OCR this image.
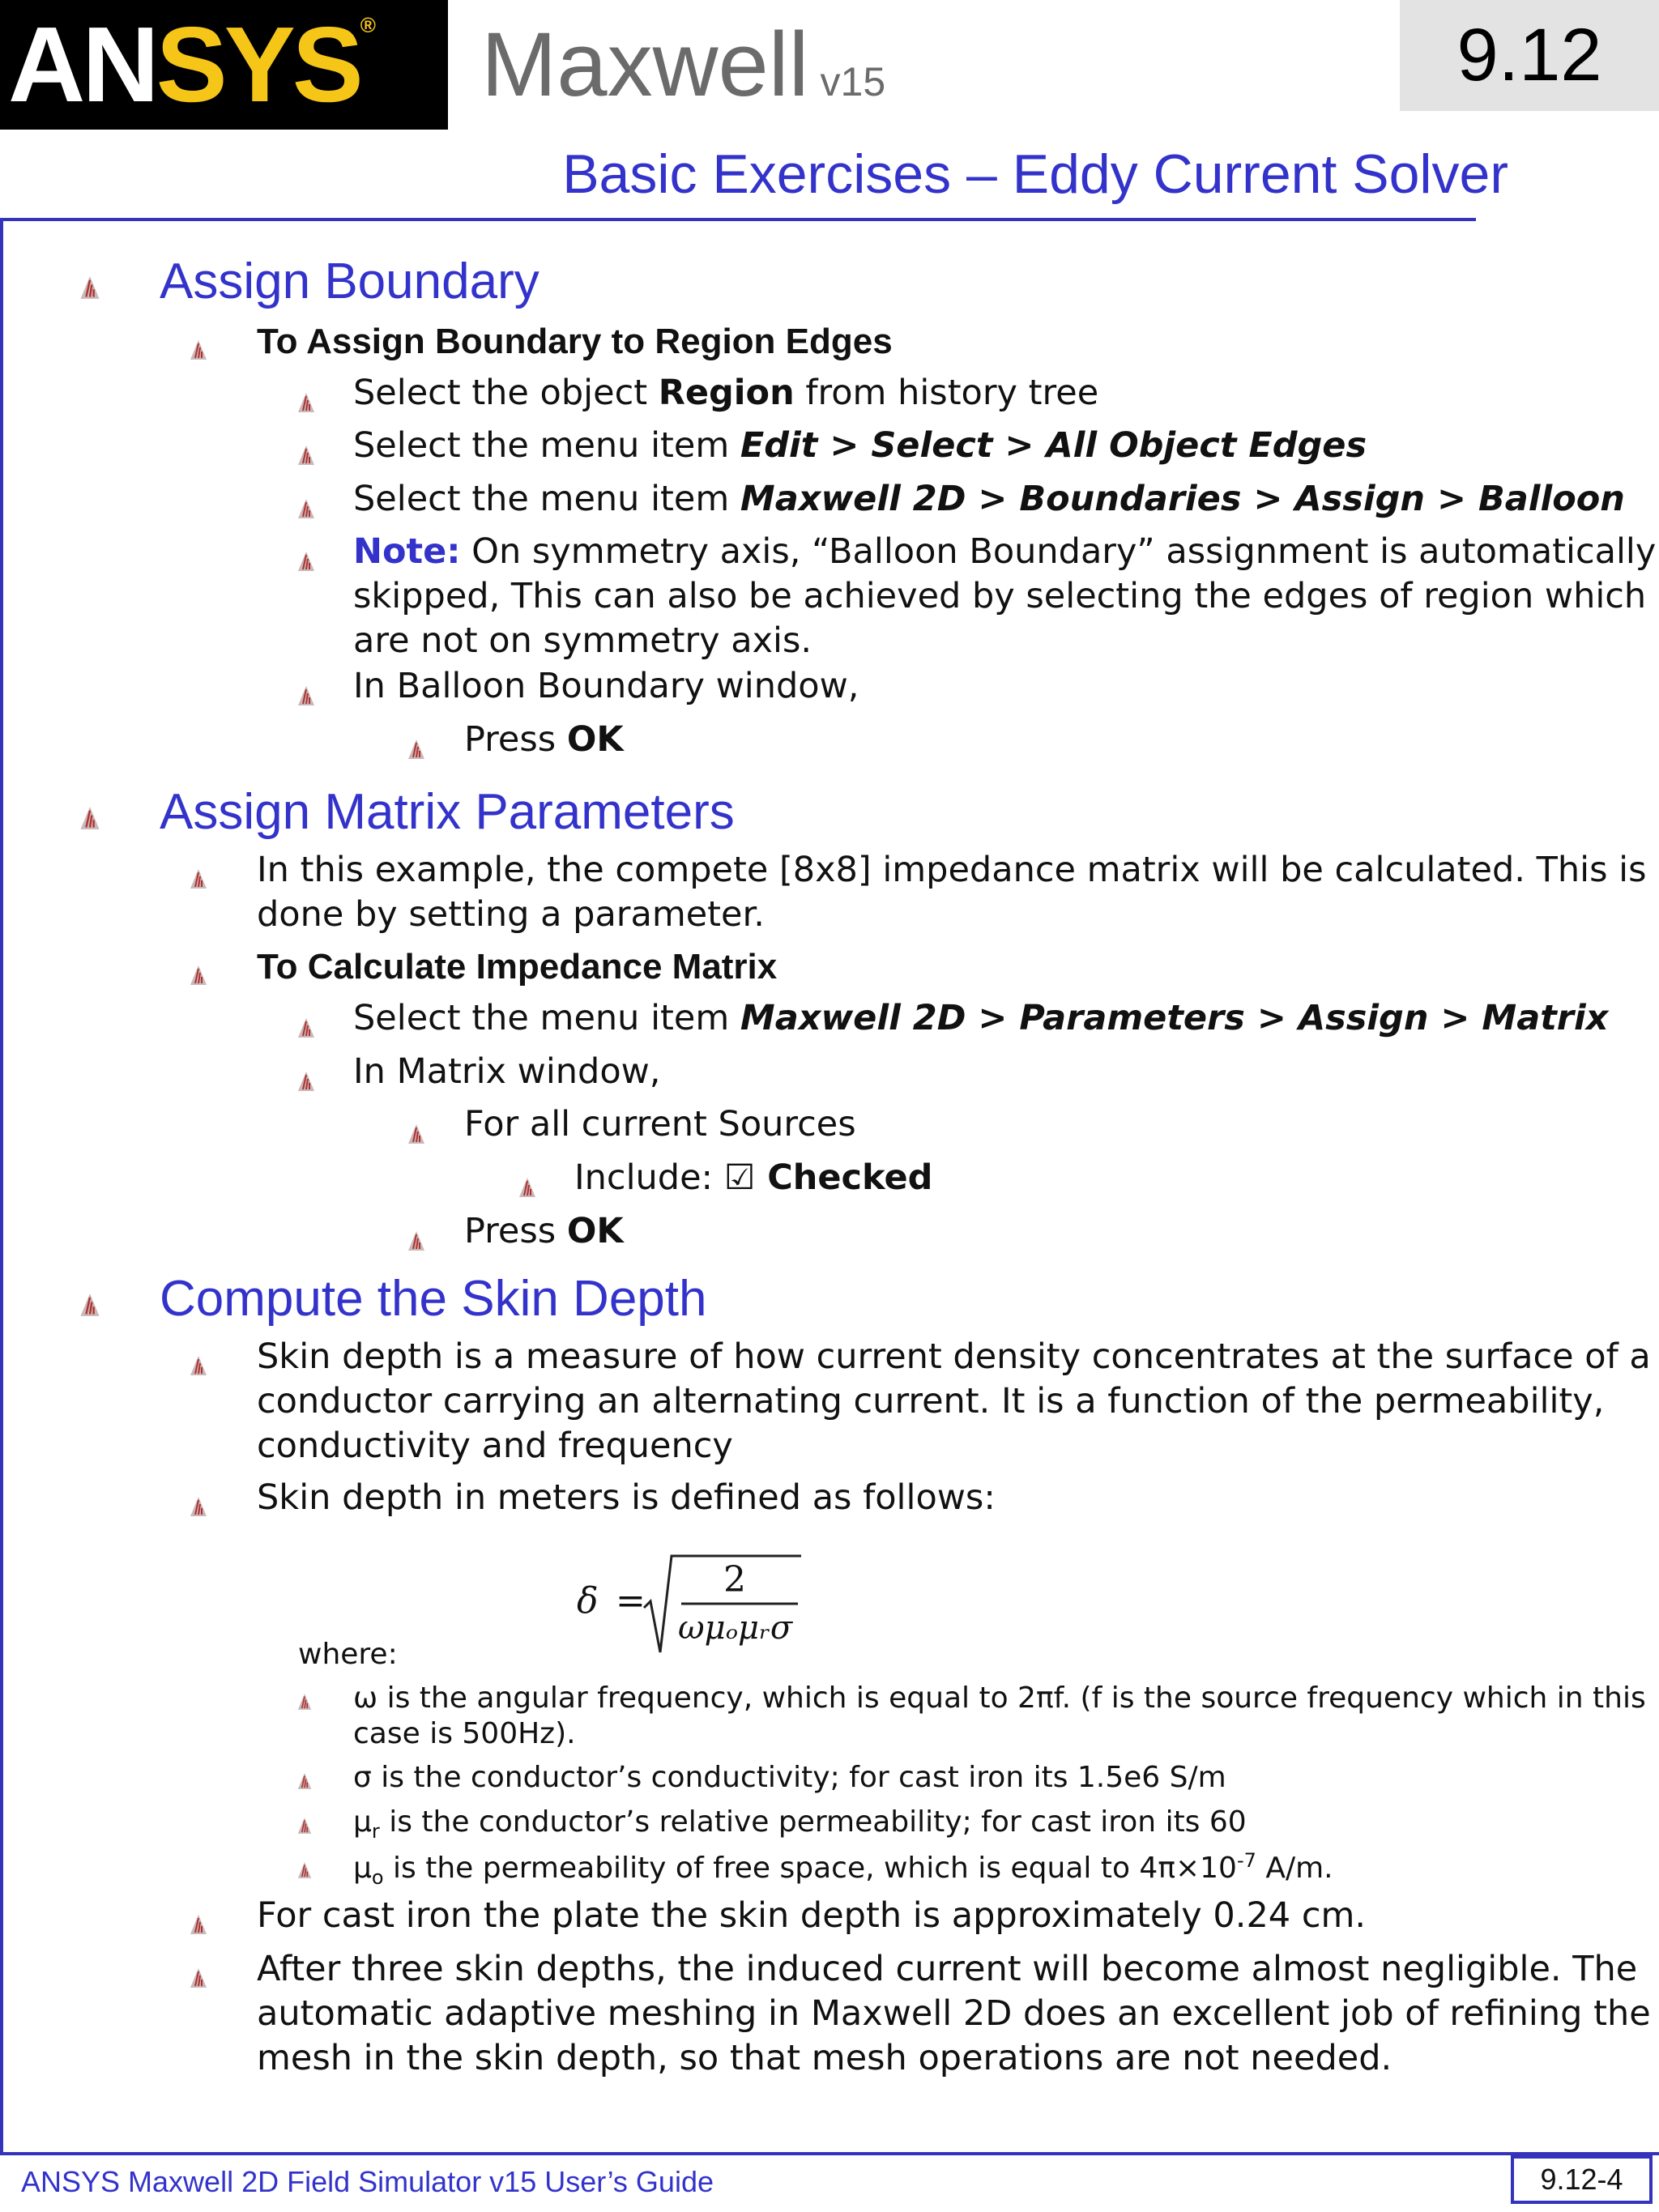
AN SYS ® Maxwell v15	9.12
Basic Exercises – Eddy Current Solver
Assign Boundary
To Assign Boundary to Region Edges
Select the object Region from history tree
Select the menu item Edit > Select > All Object Edges
Select the menu item Maxwell 2D > Boundaries > Assign > Balloon
Note: On symmetry axis, “Balloon Boundary” assignment is automatically
skipped, This can also be achieved by selecting the edges of region which
are not on symmetry axis.
In Balloon Boundary window,
Press OK
Assign Matrix Parameters
In this example, the compete [8x8] impedance matrix will be calculated. This is
done by setting a parameter.
To Calculate Impedance Matrix
Select the menu item Maxwell 2D > Parameters > Assign > Matrix
In Matrix window,
For all current Sources
Include: ☑ Checked
Press OK
Compute the Skin Depth
Skin depth is a measure of how current density concentrates at the surface of a
conductor carrying an alternating current. It is a function of the permeability,
conductivity and frequency
Skin depth in meters is defined as follows:
δ =
2
ωμₒμᵣσ
where:
ω is the angular frequency, which is equal to 2πf. (f is the source frequency which in this
case is 500Hz).
σ is the conductor’s conductivity; for cast iron its 1.5e6 S/m
$\mu_r$ is the conductor’s relative permeability; for cast iron its 60
$\mu_o$ is the permeability of free space, which is equal to $4\pi\times 10^{-7}$ A/m.
For cast iron the plate the skin depth is approximately 0.24 cm.
After three skin depths, the induced current will become almost negligible. The
automatic adaptive meshing in Maxwell 2D does an excellent job of refining the
mesh in the skin depth, so that mesh operations are not needed.
ANSYS Maxwell 2D Field Simulator v15 User’s Guide	9.12-4
